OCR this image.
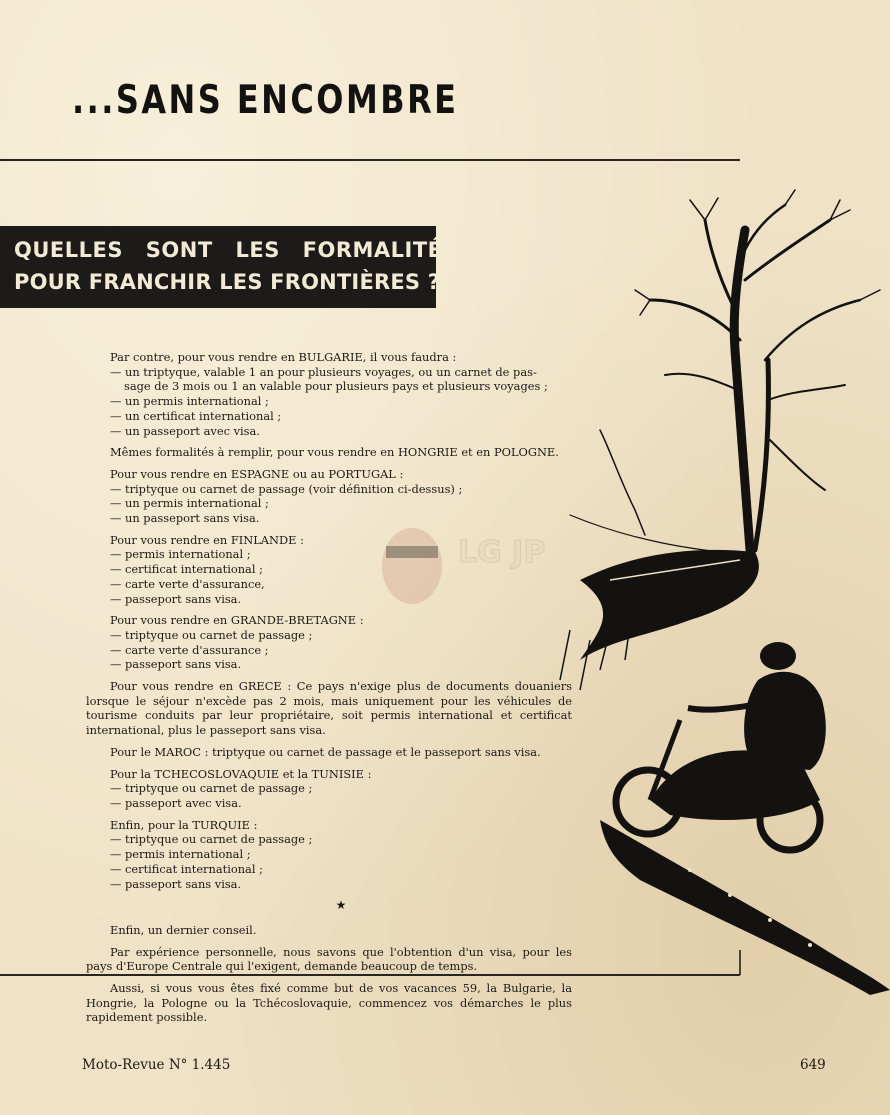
...SANS ENCOMBRE
QUELLES SONT LES FORMALITÉS
POUR FRANCHIR LES FRONTIÈRES ?
LG JP

Par contre, pour vous rendre en BULGARIE, il vous faudra :
— un triptyque, valable 1 an pour plusieurs voyages, ou un carnet de pas-
sage de 3 mois ou 1 an valable pour plusieurs pays et plusieurs voyages ;
— un permis international ;
— un certificat international ;
— un passeport avec visa.

Mêmes formalités à remplir, pour vous rendre en HONGRIE et en POLOGNE.

Pour vous rendre en ESPAGNE ou au PORTUGAL :
— triptyque ou carnet de passage (voir définition ci-dessus) ;
— un permis international ;
— un passeport sans visa.

Pour vous rendre en FINLANDE :
— permis international ;
— certificat international ;
— carte verte d'assurance,
— passeport sans visa.

Pour vous rendre en GRANDE-BRETAGNE :
— triptyque ou carnet de passage ;
— carte verte d'assurance ;
— passeport sans visa.

Pour vous rendre en GRECE : Ce pays n'exige plus de documents douaniers lorsque le séjour n'excède pas 2 mois, mais uniquement pour les véhicules de tourisme conduits par leur propriétaire, soit permis international et certificat international, plus le passeport sans visa.

Pour le MAROC : triptyque ou carnet de passage et le passeport sans visa.

Pour la TCHECOSLOVAQUIE et la TUNISIE :
— triptyque ou carnet de passage ;
— passeport avec visa.

Enfin, pour la TURQUIE :
— triptyque ou carnet de passage ;
— permis international ;
— certificat international ;
— passeport sans visa.

★

Enfin, un dernier conseil.

Par expérience personnelle, nous savons que l'obtention d'un visa, pour les pays d'Europe Centrale qui l'exigent, demande beaucoup de temps.

Aussi, si vous vous êtes fixé comme but de vos vacances 59, la Bulgarie, la Hongrie, la Pologne ou la Tchécoslovaquie, commencez vos démarches le plus rapidement possible.

Moto-Revue N° 1.445	649
